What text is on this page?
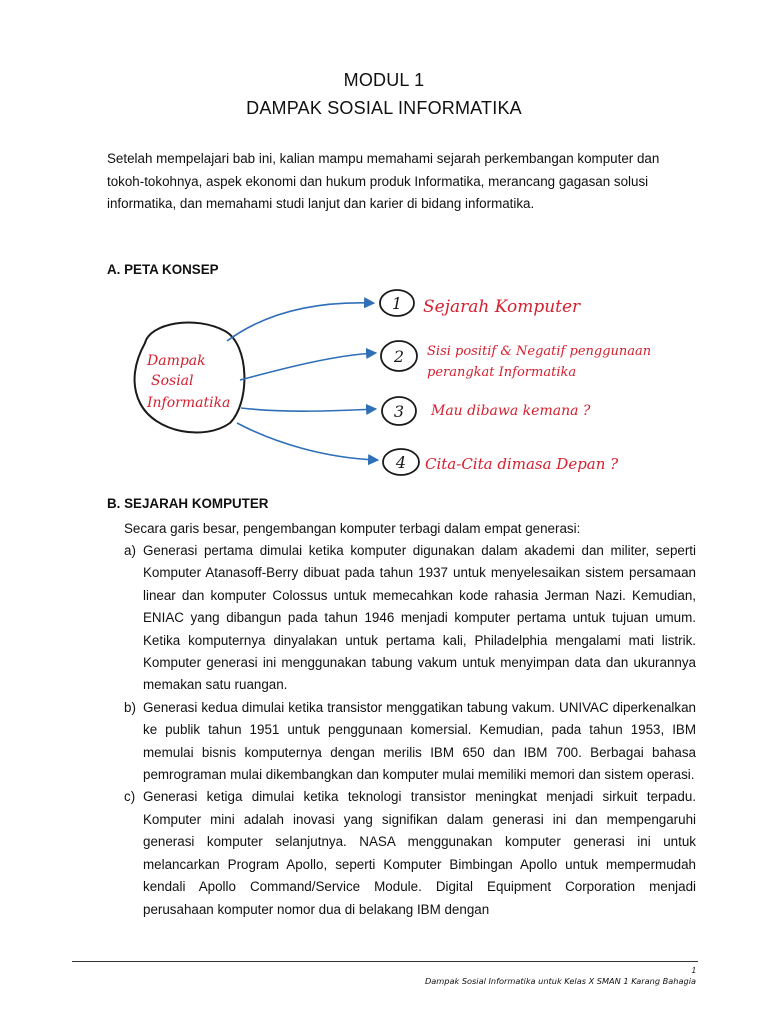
MODUL 1
DAMPAK SOSIAL INFORMATIKA

Setelah mempelajari bab ini, kalian mampu memahami sejarah perkembangan komputer dan tokoh-tokohnya, aspek ekonomi dan hukum produk Informatika, merancang gagasan solusi informatika, dan memahami studi lanjut dan karier di bidang informatika.

A. PETA KONSEP

Dampak
Sosial
Informatika
1
2
3
4
Sejarah Komputer
Sisi positif & Negatif penggunaan
perangkat Informatika
Mau dibawa kemana ?
Cita-Cita dimasa Depan ?

B. SEJARAH KOMPUTER

Secara garis besar, pengembangan komputer terbagi dalam empat generasi:

a) Generasi pertama dimulai ketika komputer digunakan dalam akademi dan militer, seperti Komputer Atanasoff-Berry dibuat pada tahun 1937 untuk menyelesaikan sistem persamaan linear dan komputer Colossus untuk memecahkan kode rahasia Jerman Nazi. Kemudian, ENIAC yang dibangun pada tahun 1946 menjadi komputer pertama untuk tujuan umum. Ketika komputernya dinyalakan untuk pertama kali, Philadelphia mengalami mati listrik. Komputer generasi ini menggunakan tabung vakum untuk menyimpan data dan ukurannya memakan satu ruangan.
b) Generasi kedua dimulai ketika transistor menggatikan tabung vakum. UNIVAC diperkenalkan ke publik tahun 1951 untuk penggunaan komersial. Kemudian, pada tahun 1953, IBM memulai bisnis komputernya dengan merilis IBM 650 dan IBM 700. Berbagai bahasa pemrograman mulai dikembangkan dan komputer mulai memiliki memori dan sistem operasi.
c) Generasi ketiga dimulai ketika teknologi transistor meningkat menjadi sirkuit terpadu. Komputer mini adalah inovasi yang signifikan dalam generasi ini dan mempengaruhi generasi komputer selanjutnya. NASA menggunakan komputer generasi ini untuk melancarkan Program Apollo, seperti Komputer Bimbingan Apollo untuk mempermudah kendali Apollo Command/Service Module. Digital Equipment Corporation menjadi perusahaan komputer nomor dua di belakang IBM dengan
1
Dampak Sosial Informatika untuk Kelas X SMAN 1 Karang Bahagia
